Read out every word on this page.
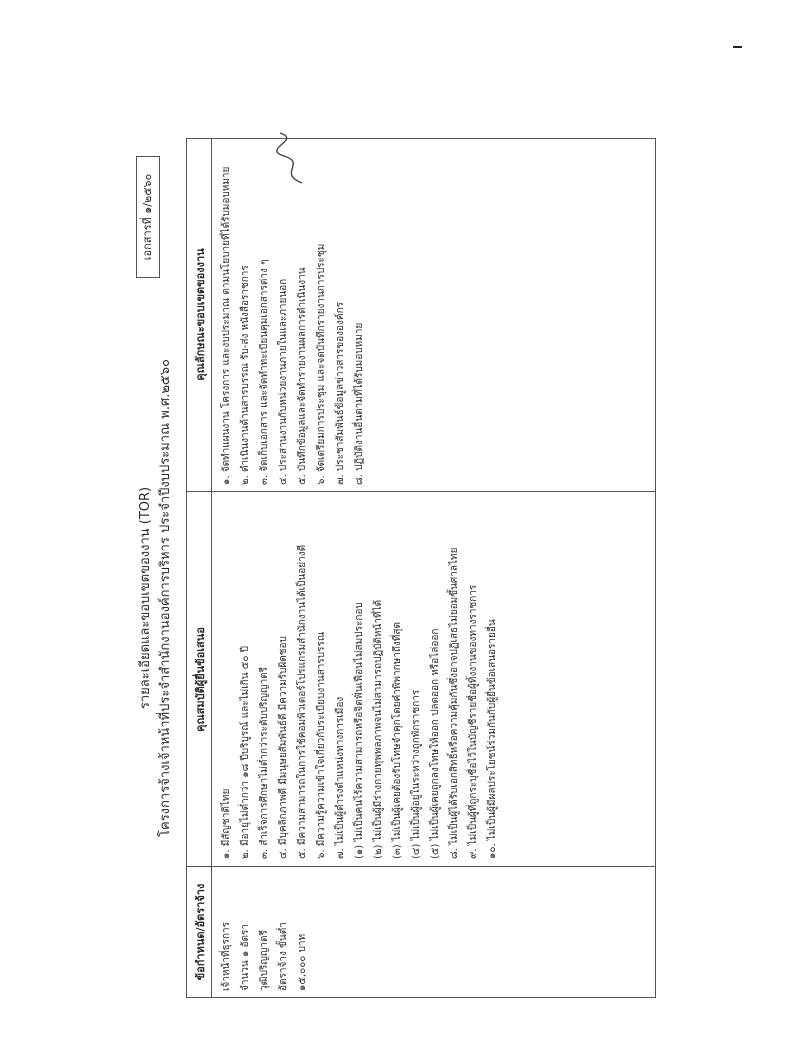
รายละเอียดและขอบเขตของงาน (TOR) โครงการจ้างเจ้าหน้าที่ประจำสำนักงานองค์การบริหาร ประจำปีงบประมาณ พ.ศ.๒๕๖๐
เอกสารที่ ๑/๒๕๖๐
ข้อกำหนด/อัตราจ้าง
คุณสมบัติผู้ยื่นข้อเสนอ
คุณลักษณะขอบเขตของงาน
เจ้าหน้าที่ธุรการ จำนวน ๑ อัตรา วุฒิปริญญาตรี อัตราจ้าง ขั้นต่ำ ๑๕,๐๐๐ บาท
๑. มีสัญชาติไทย ๒. มีอายุไม่ต่ำกว่า ๑๘ ปีบริบูรณ์ และไม่เกิน ๕๐ ปี ๓. สำเร็จการศึกษาไม่ต่ำกว่าระดับปริญญาตรี ๔. มีบุคลิกภาพดี มีมนุษยสัมพันธ์ดี มีความรับผิดชอบ ๕. มีความสามารถในการใช้คอมพิวเตอร์โปรแกรมสำนักงานได้เป็นอย่างดี ๖. มีความรู้ความเข้าใจเกี่ยวกับระเบียบงานสารบรรณ ๗. ไม่เป็นผู้ดำรงตำแหน่งทางการเมือง (๑) ไม่เป็นคนไร้ความสามารถหรือจิตฟั่นเฟือนไม่สมประกอบ (๒) ไม่เป็นผู้มีร่างกายทุพพลภาพจนไม่สามารถปฏิบัติหน้าที่ได้ (๓) ไม่เป็นผู้เคยต้องรับโทษจำคุกโดยคำพิพากษาถึงที่สุด (๔) ไม่เป็นผู้อยู่ในระหว่างถูกพักราชการ (๕) ไม่เป็นผู้เคยถูกลงโทษให้ออก ปลดออก หรือไล่ออก ๘. ไม่เป็นผู้ได้รับเอกสิทธิ์หรือความคุ้มกันซึ่งอาจปฏิเสธไม่ยอมขึ้นศาลไทย ๙. ไม่เป็นผู้ที่ถูกระบุชื่อไว้ในบัญชีรายชื่อผู้ทิ้งงานของทางราชการ ๑๐. ไม่เป็นผู้มีผลประโยชน์ร่วมกันกับผู้ยื่นข้อเสนอรายอื่น
๑. จัดทำแผนงาน โครงการ และงบประมาณ ตามนโยบายที่ได้รับมอบหมาย ๒. ดำเนินงานด้านสารบรรณ รับ-ส่ง หนังสือราชการ ๓. จัดเก็บเอกสาร และจัดทำทะเบียนคุมเอกสารต่าง ๆ ๔. ประสานงานกับหน่วยงานภายในและภายนอก ๕. บันทึกข้อมูลและจัดทำรายงานผลการดำเนินงาน ๖. จัดเตรียมการประชุม และจดบันทึกรายงานการประชุม ๗. ประชาสัมพันธ์ข้อมูลข่าวสารขององค์กร ๘. ปฏิบัติงานอื่นตามที่ได้รับมอบหมาย
